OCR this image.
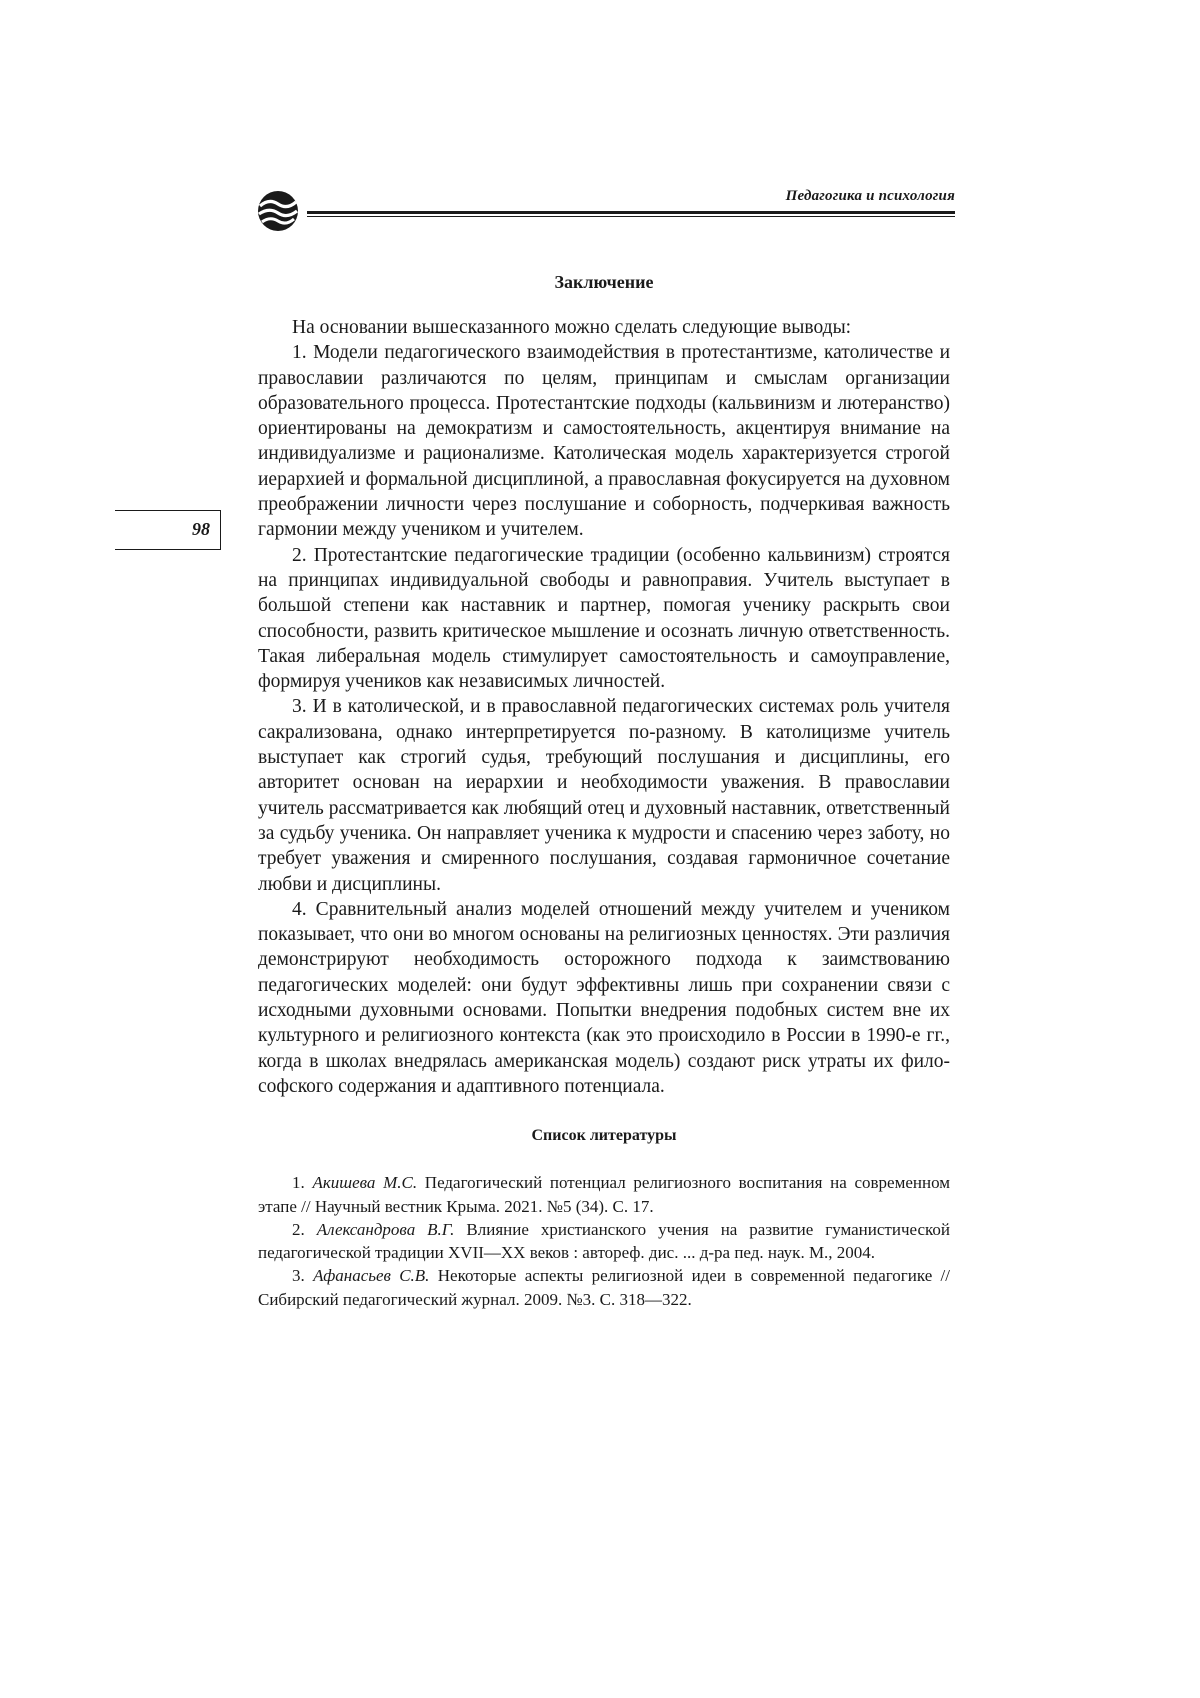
Педагогика и психология
98
Заключение

На основании вышесказанного можно сделать следующие выводы:

1. Модели педагогического взаимодействия в протестантизме, католичестве и православии различаются по целям, принципам и смыслам организации образовательного процесса. Протестантские подходы (кальвинизм и лютеранство) ориентированы на демократизм и самостоятельность, акцентируя внимание на индивидуализме и рационализме. Католическая модель характеризуется строгой иерархией и формальной дисциплиной, а православная фокусируется на духовном преображении личности через послушание и соборность, подчеркивая важность гармонии между учеником и учителем.

2. Протестантские педагогические традиции (особенно кальвинизм) строятся на принципах индивидуальной свободы и равноправия. Учитель выступает в большой степени как наставник и партнер, помогая ученику раскрыть свои способности, развить критическое мышление и осознать личную ответственность. Такая либеральная модель стимулирует самостоятельность и самоуправление, формируя учеников как независимых личностей.

3. И в католической, и в православной педагогических системах роль учителя сакрализована, однако интерпретируется по-разному. В католицизме учитель выступает как строгий судья, требующий послушания и дисциплины, его авторитет основан на иерархии и необходимости уважения. В православии учитель рассматривается как любящий отец и духовный наставник, ответственный за судьбу ученика. Он направляет ученика к мудрости и спасению через заботу, но требует уважения и смиренного послушания, создавая гармоничное сочетание любви и дисциплины.

4. Сравнительный анализ моделей отношений между учителем и учеником показывает, что они во многом основаны на религиозных ценностях. Эти различия демонстрируют необходимость осторожного подхода к заимствованию педагогических моделей: они будут эффективны лишь при сохранении связи с исходными духовными основами. Попытки внедрения подобных систем вне их культурного и религиозного контекста (как это происходило в России в 1990-е гг., когда в школах внедрялась американская модель) создают риск утраты их философского содержания и адаптивного потенциала.

Список литературы

1. Акишева М.С. Педагогический потенциал религиозного воспитания на современном этапе // Научный вестник Крыма. 2021. №5 (34). С. 17.

2. Александрова В.Г. Влияние христианского учения на развитие гуманистической педагогической традиции XVII—XX веков : автореф. дис. ... д-ра пед. наук. М., 2004.

3. Афанасьев С.В. Некоторые аспекты религиозной идеи в современной педагогике // Сибирский педагогический журнал. 2009. №3. С. 318—322.
